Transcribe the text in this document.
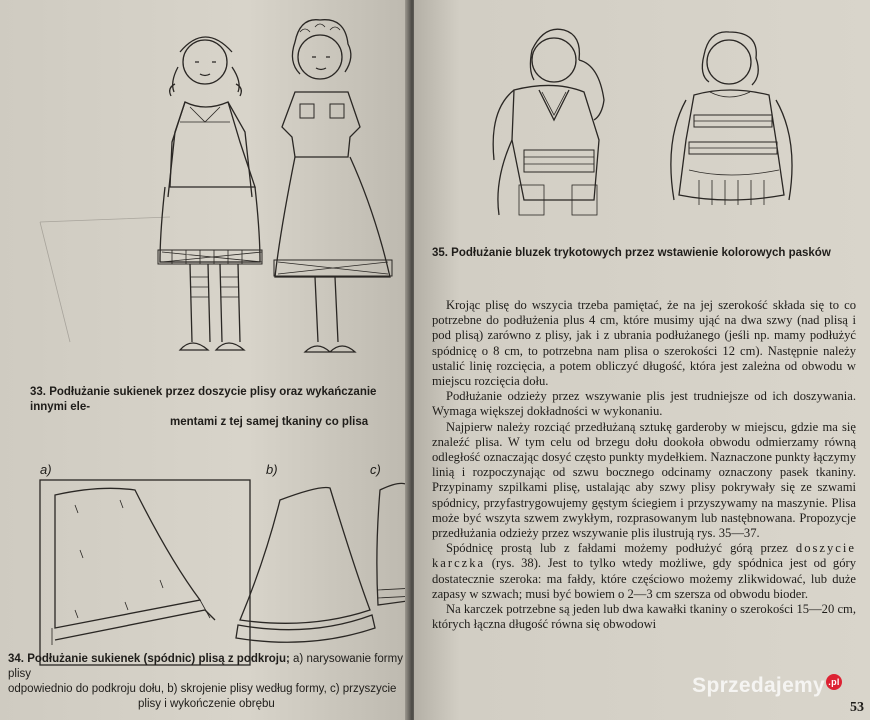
33. Podłużanie sukienek przez doszycie plisy oraz wykańczanie innymi ele-
mentami z tej samej tkaniny co plisa
a)	b)	c)
34. Podłużanie sukienek (spódnic) plisą z podkroju; a) narysowanie formy plisy
odpowiednio do podkroju dołu, b) skrojenie plisy według formy, c) przyszycie
plisy i wykończenie obrębu
35. Podłużanie bluzek trykotowych przez wstawienie kolorowych pasków

Krojąc plisę do wszycia trzeba pamiętać, że na jej szerokość składa się to co potrzebne do podłużenia plus 4 cm, które musimy ująć na dwa szwy (nad plisą i pod plisą) zarówno z plisy, jak i z ubrania podłużanego (jeśli np. mamy podłużyć spódnicę o 8 cm, to potrzebna nam plisa o szerokości 12 cm). Następnie należy ustalić linię rozcięcia, a potem obliczyć długość, która jest zależna od obwodu w miejscu rozcięcia dołu.

Podłużanie odzieży przez wszywanie plis jest trudniejsze od ich doszywania. Wymaga większej dokładności w wykonaniu.

Najpierw należy rozciąć przedłużaną sztukę garderoby w miejscu, gdzie ma się znaleźć plisa. W tym celu od brzegu dołu dookoła obwodu odmierzamy równą odległość oznaczając dosyć często punkty mydełkiem. Naznaczone punkty łączymy linią i rozpoczynając od szwu bocznego odcinamy oznaczony pasek tkaniny. Przypinamy szpilkami plisę, ustalając aby szwy plisy pokrywały się ze szwami spódnicy, przyfastrygowujemy gęstym ściegiem i przyszywamy na maszynie. Plisa może być wszyta szwem zwykłym, rozprasowanym lub nastębnowana. Propozycje przedłużania odzieży przez wszywanie plis ilustrują rys. 35—37.

Spódnicę prostą lub z fałdami możemy podłużyć górą przez doszycie karczka (rys. 38). Jest to tylko wtedy możliwe, gdy spódnica jest od góry dostatecznie szeroka: ma fałdy, które częściowo możemy zlikwidować, lub duże zapasy w szwach; musi być bowiem o 2—3 cm szersza od obwodu bioder.

Na karczek potrzebne są jeden lub dwa kawałki tkaniny o szerokości 15—20 cm, których łączna długość równa się obwodowi

Sprzedajemy .pl
53
